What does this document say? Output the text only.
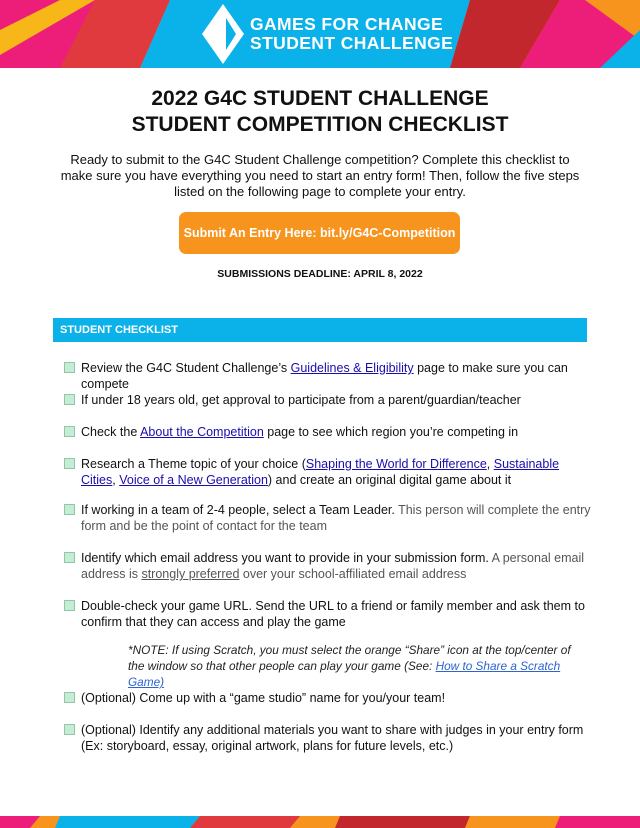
GAMES FOR CHANGE
STUDENT CHALLENGE
2022 G4C STUDENT CHALLENGE
STUDENT COMPETITION CHECKLIST
Ready to submit to the G4C Student Challenge competition? Complete this checklist to make sure you have everything you need to start an entry form! Then, follow the five steps listed on the following page to complete your entry.
Submit An Entry Here: bit.ly/G4C-Competition
SUBMISSIONS DEADLINE: APRIL 8, 2022
STUDENT CHECKLIST
Review the G4C Student Challenge’s Guidelines & Eligibility page to make sure you can compete
If under 18 years old, get approval to participate from a parent/guardian/teacher
Check the About the Competition page to see which region you’re competing in
Research a Theme topic of your choice (Shaping the World for Difference, Sustainable Cities, Voice of a New Generation) and create an original digital game about it
If working in a team of 2-4 people, select a Team Leader. This person will complete the entry form and be the point of contact for the team
Identify which email address you want to provide in your submission form. A personal email address is strongly preferred over your school-affiliated email address
Double-check your game URL. Send the URL to a friend or family member and ask them to confirm that they can access and play the game
*NOTE: If using Scratch, you must select the orange “Share” icon at the top/center of the window so that other people can play your game (See: How to Share a Scratch Game)
(Optional) Come up with a “game studio” name for you/your team!
(Optional) Identify any additional materials you want to share with judges in your entry form (Ex: storyboard, essay, original artwork, plans for future levels, etc.)
